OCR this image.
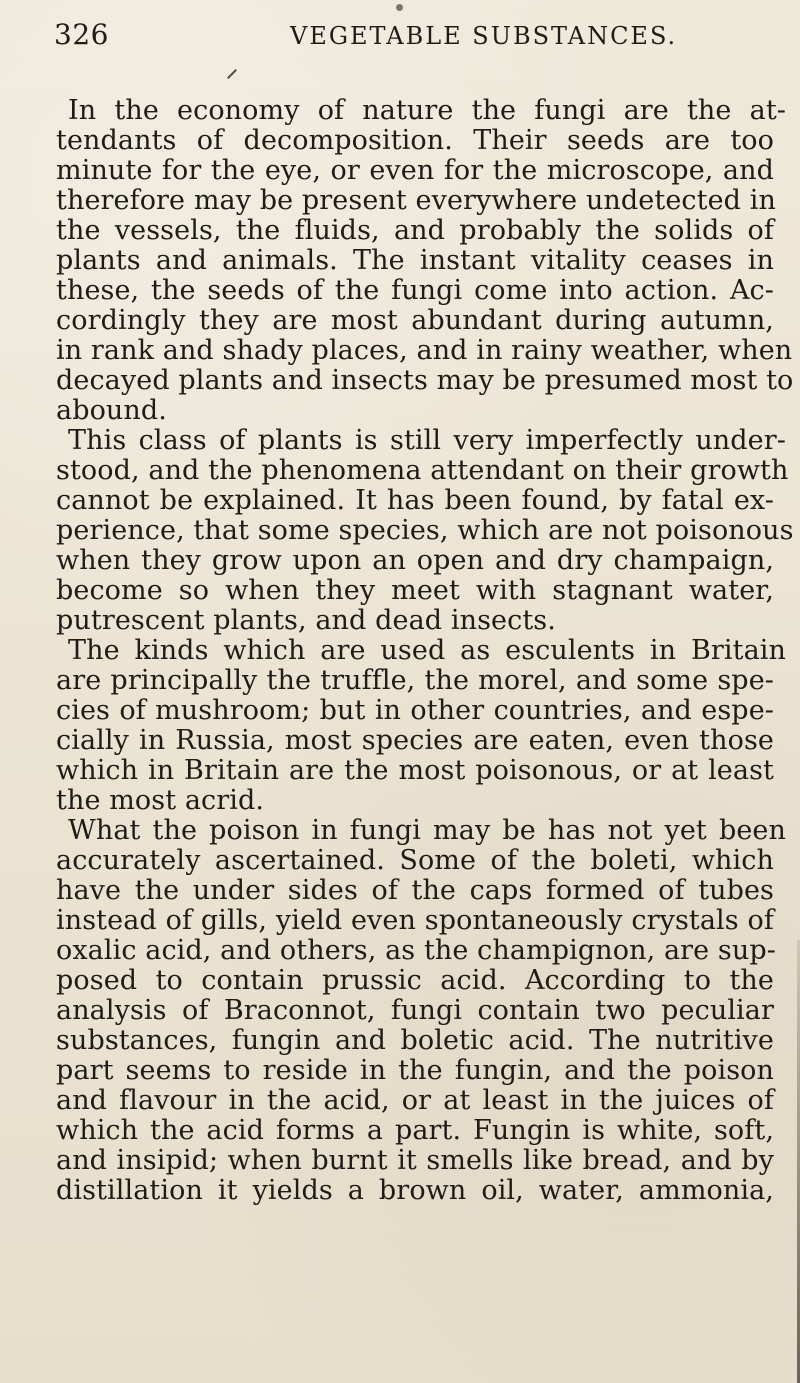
326	VEGETABLE SUBSTANCES.
In the economy of nature the fungi are the at-
tendants of decomposition. Their seeds are too
minute for the eye, or even for the microscope, and
therefore may be present everywhere undetected in
the vessels, the fluids, and probably the solids of
plants and animals. The instant vitality ceases in
these, the seeds of the fungi come into action. Ac-
cordingly they are most abundant during autumn,
in rank and shady places, and in rainy weather, when
decayed plants and insects may be presumed most to
abound.
This class of plants is still very imperfectly under-
stood, and the phenomena attendant on their growth
cannot be explained. It has been found, by fatal ex-
perience, that some species, which are not poisonous
when they grow upon an open and dry champaign,
become so when they meet with stagnant water,
putrescent plants, and dead insects.
The kinds which are used as esculents in Britain
are principally the truffle, the morel, and some spe-
cies of mushroom; but in other countries, and espe-
cially in Russia, most species are eaten, even those
which in Britain are the most poisonous, or at least
the most acrid.
What the poison in fungi may be has not yet been
accurately ascertained. Some of the boleti, which
have the under sides of the caps formed of tubes
instead of gills, yield even spontaneously crystals of
oxalic acid, and others, as the champignon, are sup-
posed to contain prussic acid. According to the
analysis of Braconnot, fungi contain two peculiar
substances, fungin and boletic acid. The nutritive
part seems to reside in the fungin, and the poison
and flavour in the acid, or at least in the juices of
which the acid forms a part. Fungin is white, soft,
and insipid; when burnt it smells like bread, and by
distillation it yields a brown oil, water, ammonia,
